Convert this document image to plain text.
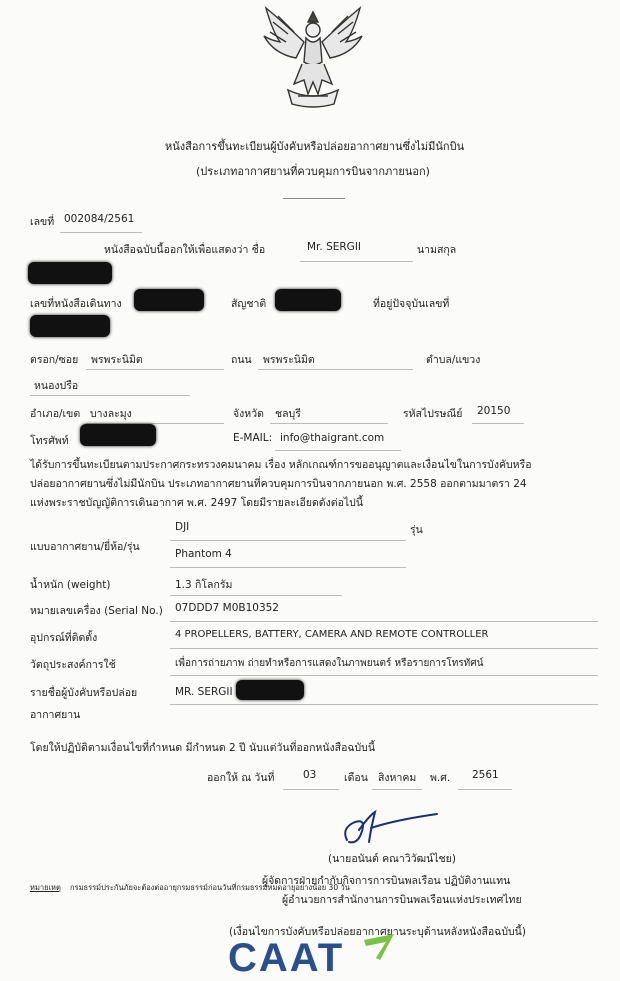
หนังสือการขึ้นทะเบียนผู้บังคับหรือปล่อยอากาศยานซึ่งไม่มีนักบิน
(ประเภทอากาศยานที่ควบคุมการบินจากภายนอก)
เลขที่ 002084/2561
หนังสือฉบับนี้ออกให้เพื่อแสดงว่า ชื่อ	Mr. SERGII	นามสกุล
เลขที่หนังสือเดินทาง	สัญชาติ	ที่อยู่ปัจจุบันเลขที่
ตรอก/ซอย พรพระนิมิต	ถนน พรพระนิมิต	ตำบล/แขวง
หนองปรือ
อำเภอ/เขต บางละมุง	จังหวัด ชลบุรี	รหัสไปรษณีย์ 20150
โทรศัพท์	E-MAIL: info@thaigrant.com
ได้รับการขึ้นทะเบียนตามประกาศกระทรวงคมนาคม เรื่อง หลักเกณฑ์การขออนุญาตและเงื่อนไขในการบังคับหรือ
ปล่อยอากาศยานซึ่งไม่มีนักบิน ประเภทอากาศยานที่ควบคุมการบินจากภายนอก พ.ศ. 2558 ออกตามมาตรา 24
แห่งพระราชบัญญัติการเดินอากาศ พ.ศ. 2497 โดยมีรายละเอียดดังต่อไปนี้
แบบอากาศยาน/ยี่ห้อ/รุ่น
DJI	รุ่น
Phantom 4
น้ำหนัก (weight)	1.3 กิโลกรัม
หมายเลขเครื่อง (Serial No.) 07DDD7 M0B10352
อุปกรณ์ที่ติดตั้ง	4 PROPELLERS, BATTERY, CAMERA AND REMOTE CONTROLLER
วัตถุประสงค์การใช้	เพื่อการถ่ายภาพ ถ่ายทำหรือการแสดงในภาพยนตร์ หรือรายการโทรทัศน์
รายชื่อผู้บังคับหรือปล่อย
อากาศยาน
MR. SERGII
โดยให้ปฏิบัติตามเงื่อนไขที่กำหนด มีกำหนด 2 ปี นับแต่วันที่ออกหนังสือฉบับนี้
ออกให้ ณ วันที่	03	เดือน สิงหาคม พ.ศ. 2561
(นายอนันต์ คณาวิวัฒน์ไชย)
ผู้จัดการฝ่ายกำกับกิจการการบินพลเรือน ปฏิบัติงานแทน
ผู้อำนวยการสำนักงานการบินพลเรือนแห่งประเทศไทย
หมายเหตุ กรมธรรม์ประกันภัยจะต้องต่ออายุกรมธรรม์ก่อนวันที่กรมธรรม์หมดอายุอย่างน้อย 30 วัน
(เงื่อนไขการบังคับหรือปล่อยอากาศยานระบุด้านหลังหนังสือฉบับนี้)
CAAT
